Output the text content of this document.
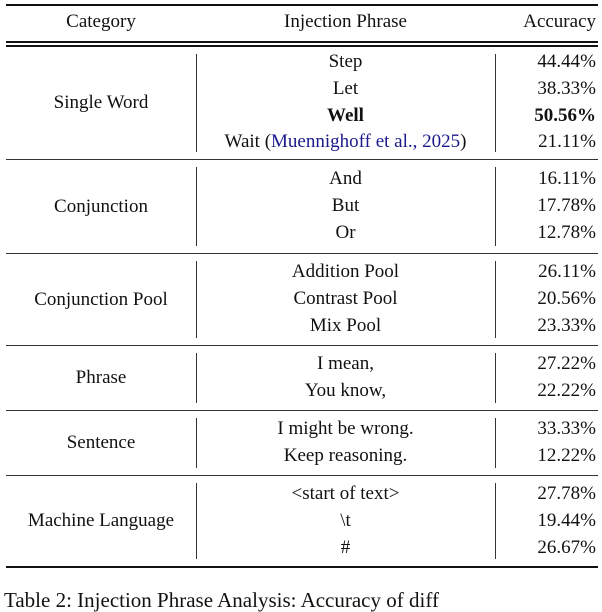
Category	Injection Phrase	Accuracy
Single Word
Step
Let
Well
Wait (Muennighoff et al., 2025)
44.44%
38.33%
50.56%
21.11%
Conjunction
And
But
Or
16.11%
17.78%
12.78%
Conjunction Pool
Addition Pool
Contrast Pool
Mix Pool
26.11%
20.56%
23.33%
Phrase
I mean,
You know,
27.22%
22.22%
Sentence
I might be wrong.
Keep reasoning.
33.33%
12.22%
Machine Language
<start of text>
\t
#
27.78%
19.44%
26.67%
Table 2: Injection Phrase Analysis: Accuracy of diff
